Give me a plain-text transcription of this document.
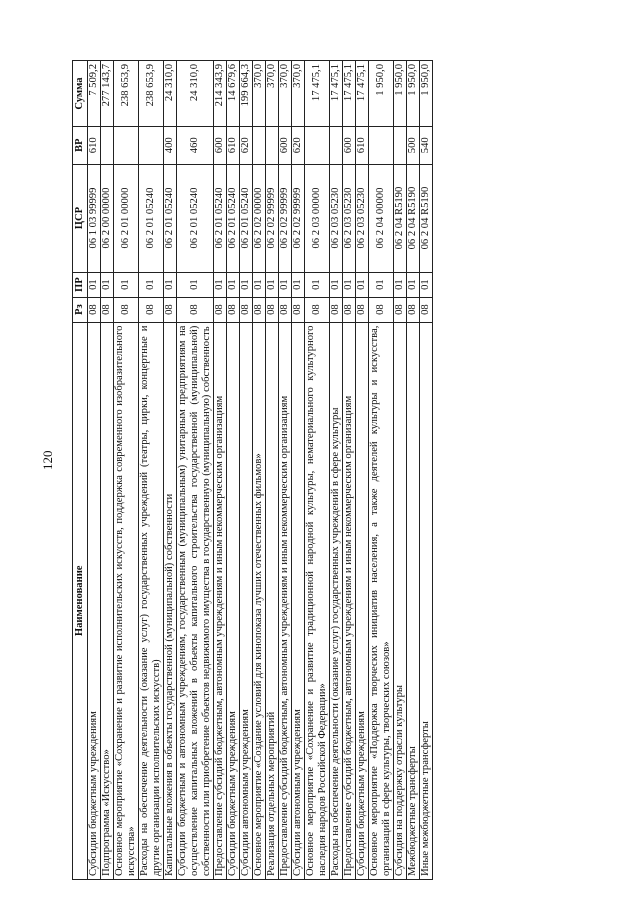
120
Наименование	Рз	ПР	ЦСР	ВР	Сумма
Субсидии бюджетным учреждениям	08	01	06 1 03 99999	610	7 509,2
Подпрограмма «Искусство»	08	01	06 2 00 00000		277 143,7
Основное мероприятие «Сохранение и развитие исполнительских искусств, поддержка современного изобразительного искусства»	08	01	06 2 01 00000		238 653,9
Расходы на обеспечение деятельности (оказание услуг) государственных учреждений (театры, цирки, концертные и другие организации исполнительских искусств)	08	01	06 2 01 05240		238 653,9
Капитальные вложения в объекты государственной (муниципальной) собственности	08	01	06 2 01 05240	400	24 310,0
Субсидии бюджетным и автономным учреждениям, государственным (муниципальным) унитарным предприятиям на осуществление капитальных вложений в объекты капитального строительства государственной (муниципальной) собственности или приобретение объектов недвижимого имущества в государственную (муниципальную) собственность	08	01	06 2 01 05240	460	24 310,0
Предоставление субсидий бюджетным, автономным учреждениям и иным некоммерческим организациям	08	01	06 2 01 05240	600	214 343,9
Субсидии бюджетным учреждениям	08	01	06 2 01 05240	610	14 679,6
Субсидии автономным учреждениям	08	01	06 2 01 05240	620	199 664,3
Основное мероприятие «Создание условий для кинопоказа лучших отечественных фильмов»	08	01	06 2 02 00000		370,0
Реализация отдельных мероприятий	08	01	06 2 02 99999		370,0
Предоставление субсидий бюджетным, автономным учреждениям и иным некоммерческим организациям	08	01	06 2 02 99999	600	370,0
Субсидии автономным учреждениям	08	01	06 2 02 99999	620	370,0
Основное мероприятие «Сохранение и развитие традиционной народной культуры, нематериального культурного наследия народов Российской Федерации»	08	01	06 2 03 00000		17 475,1
Расходы на обеспечение деятельности (оказание услуг) государственных учреждений в сфере культуры	08	01	06 2 03 05230		17 475,1
Предоставление субсидий бюджетным, автономным учреждениям и иным некоммерческим организациям	08	01	06 2 03 05230	600	17 475,1
Субсидии бюджетным учреждениям	08	01	06 2 03 05230	610	17 475,1
Основное мероприятие «Поддержка творческих инициатив населения, а также деятелей культуры и искусства, организаций в сфере культуры, творческих союзов»	08	01	06 2 04 00000		1 950,0
Субсидия на поддержку отрасли культуры	08	01	06 2 04 R5190		1 950,0
Межбюджетные трансферты	08	01	06 2 04 R5190	500	1 950,0
Иные межбюджетные трансферты	08	01	06 2 04 R5190	540	1 950,0
